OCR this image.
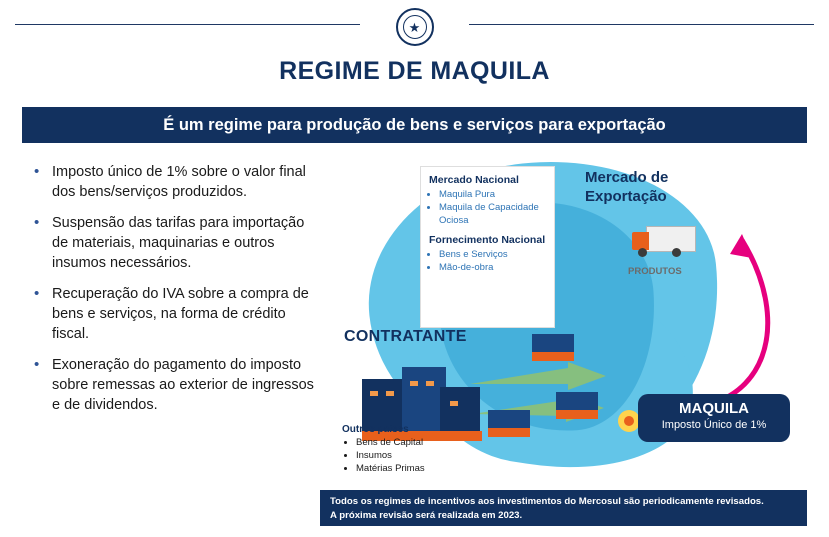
★
REGIME DE MAQUILA
É um regime para produção de bens e serviços para exportação
• Imposto único de 1% sobre o valor final dos bens/serviços produzidos.
• Suspensão das tarifas para importação de materiais, maquinarias e outros insumos necessários.
• Recuperação do IVA sobre a compra de bens e serviços, na forma de crédito fiscal.
• Exoneração do pagamento do imposto sobre remessas ao exterior de ingressos e de dividendos.
Mercado Nacional
• Maquila Pura
• Maquila de Capacidade Ociosa
Fornecimento Nacional
• Bens e Serviços
• Mão-de-obra
Mercado de Exportação
PRODUTOS
CONTRATANTE
MAQUILA
Imposto Único de 1%
Outros países
• Bens de Capital
• Insumos
• Matérias Primas
Todos os regimes de incentivos aos investimentos do Mercosul são periodicamente revisados.
A próxima revisão será realizada em 2023.
